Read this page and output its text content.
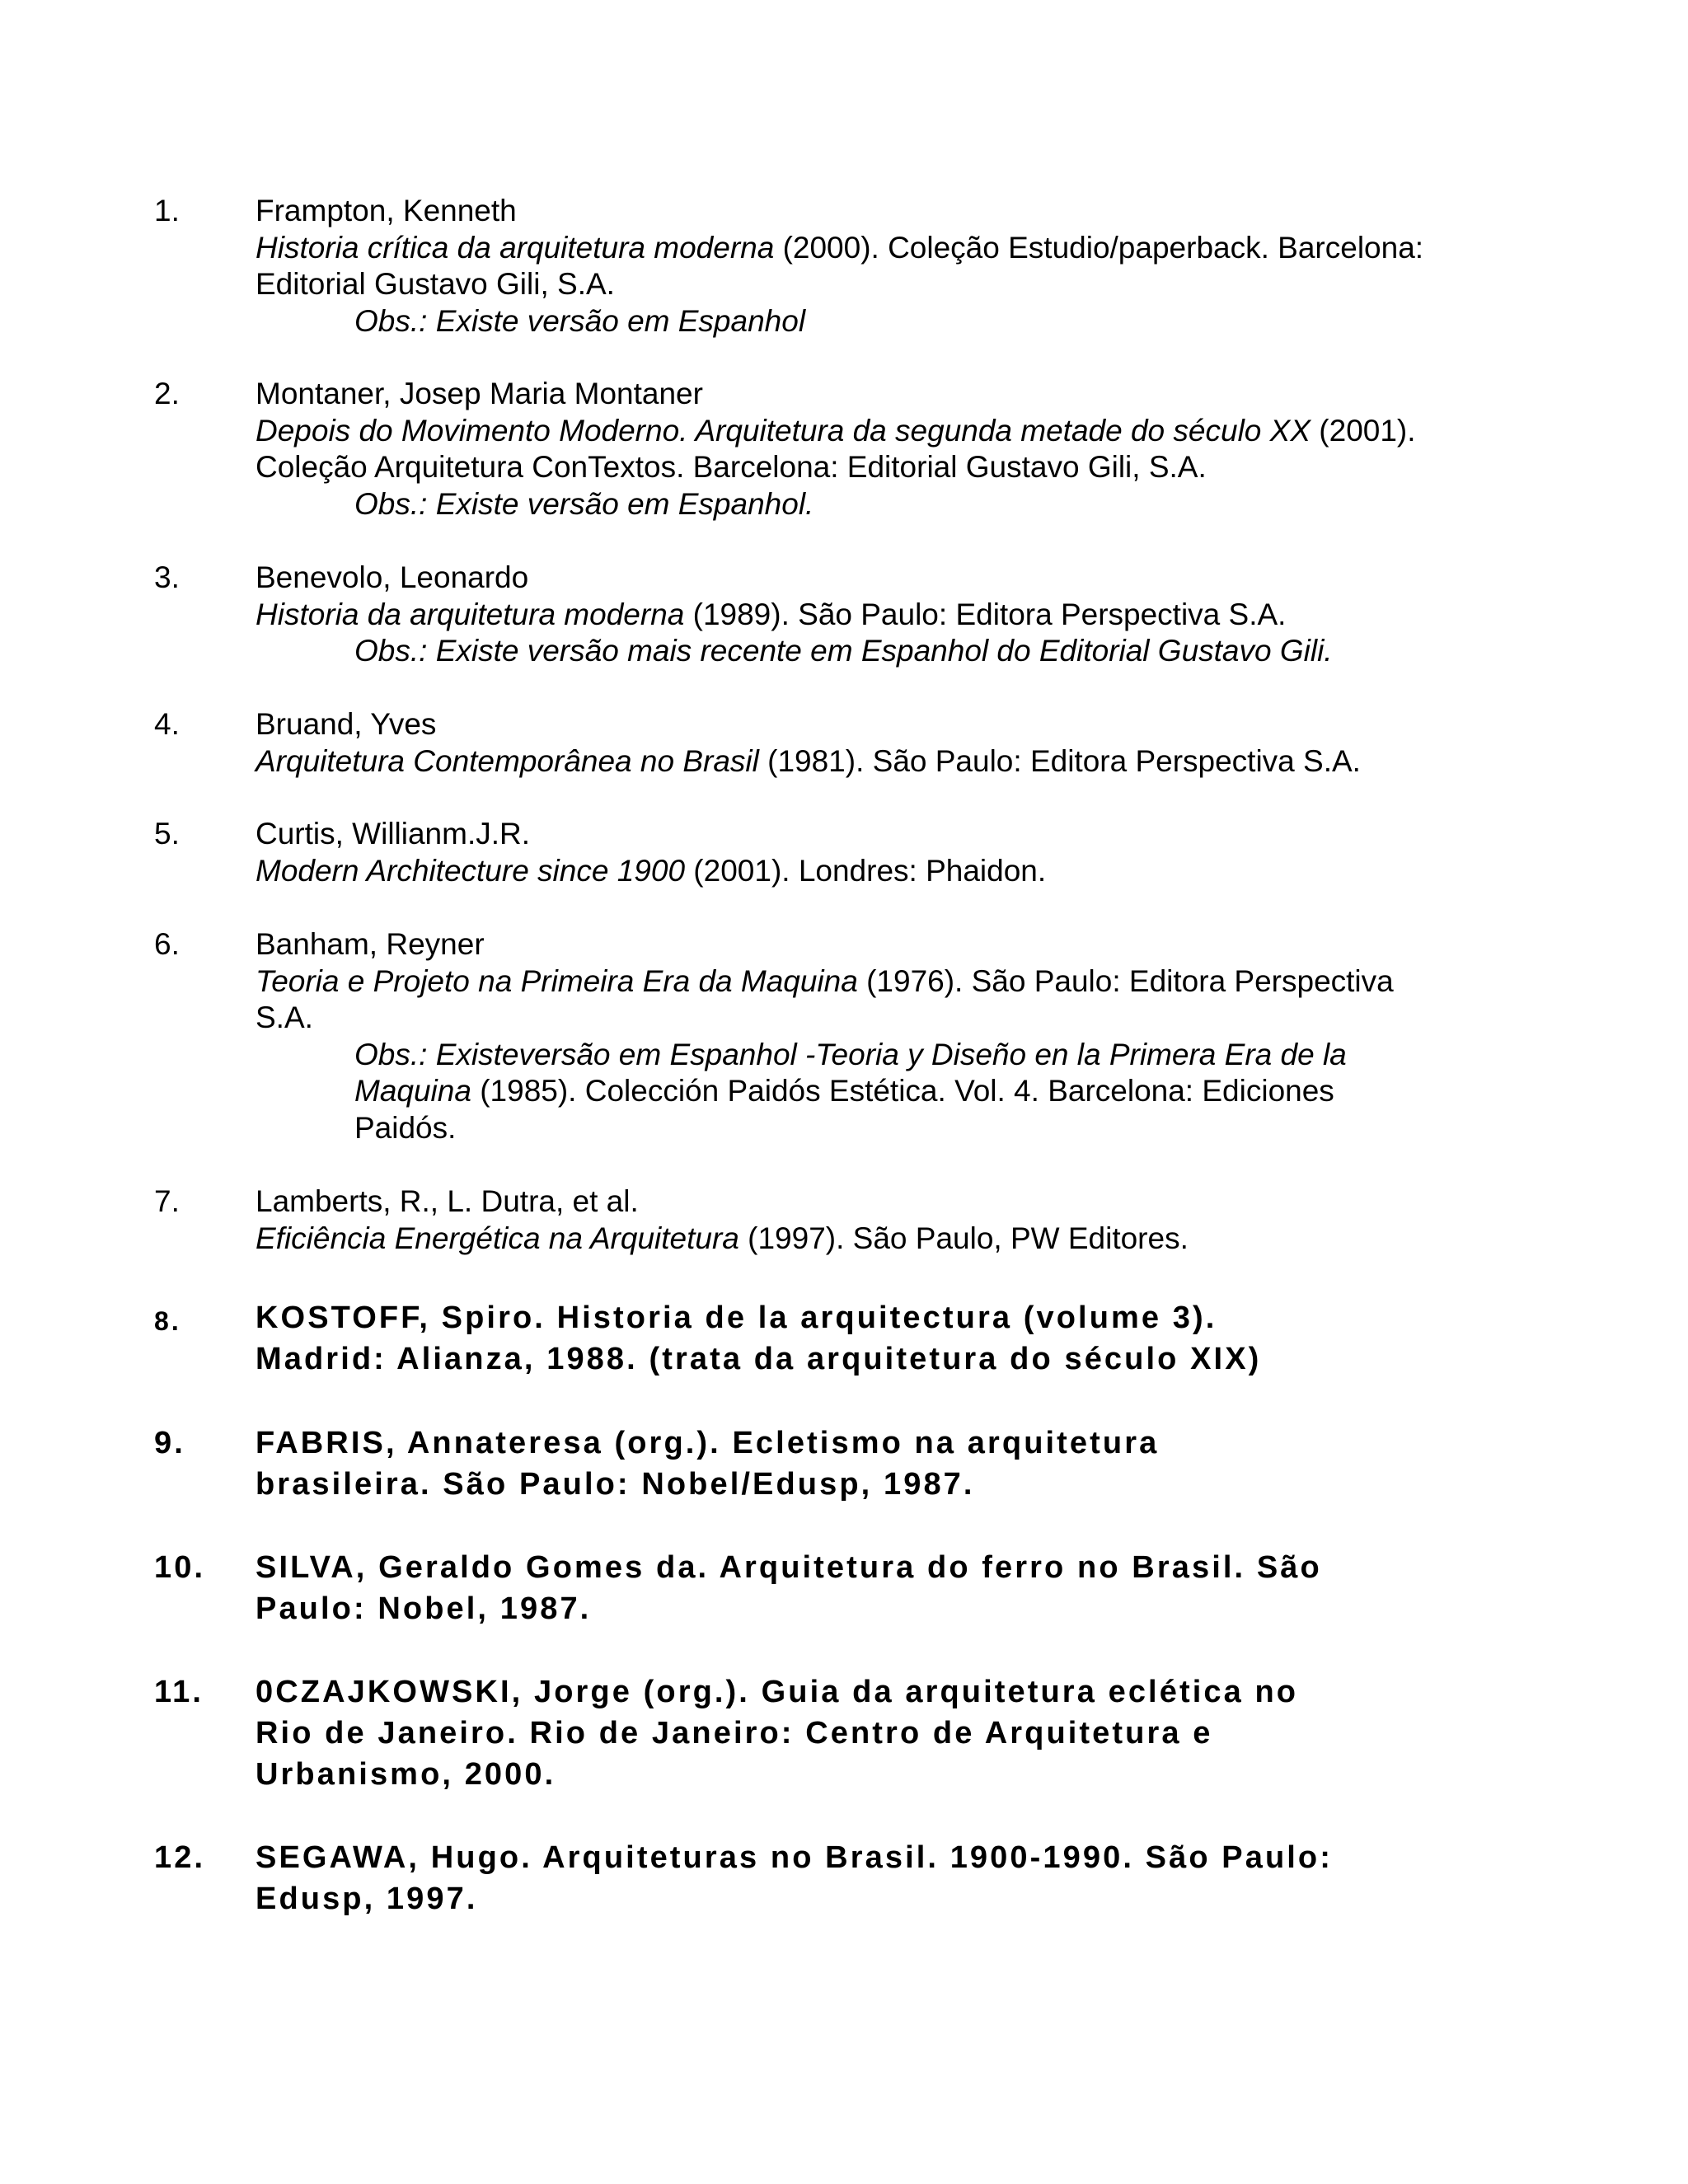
1. Frampton, Kenneth
Historia crítica da arquitetura moderna (2000). Coleção Estudio/paperback. Barcelona:
Editorial Gustavo Gili, S.A.
Obs.: Existe versão em Espanhol
2. Montaner, Josep Maria Montaner
Depois do Movimento Moderno. Arquitetura da segunda metade do século XX (2001).
Coleção Arquitetura ConTextos. Barcelona: Editorial Gustavo Gili, S.A.
Obs.: Existe versão em Espanhol.
3. Benevolo, Leonardo
Historia da arquitetura moderna (1989). São Paulo: Editora Perspectiva S.A.
Obs.: Existe versão mais recente em Espanhol do Editorial Gustavo Gili.
4. Bruand, Yves
Arquitetura Contemporânea no Brasil (1981). São Paulo: Editora Perspectiva S.A.
5. Curtis, Willianm.J.R.
Modern Architecture since 1900 (2001). Londres: Phaidon.
6. Banham, Reyner
Teoria e Projeto na Primeira Era da Maquina (1976). São Paulo: Editora Perspectiva
S.A.
Obs.: Existeversão em Espanhol -Teoria y Diseño en la Primera Era de la
Maquina (1985). Colección Paidós Estética. Vol. 4. Barcelona: Ediciones
Paidós.
7. Lamberts, R., L. Dutra, et al.
Eficiência Energética na Arquitetura (1997). São Paulo, PW Editores.
8. KOSTOFF, Spiro. Historia de la arquitectura (volume 3).
Madrid: Alianza, 1988. (trata da arquitetura do século XIX)
9. FABRIS, Annateresa (org.). Ecletismo na arquitetura
brasileira. São Paulo: Nobel/Edusp, 1987.
10. SILVA, Geraldo Gomes da. Arquitetura do ferro no Brasil. São
Paulo: Nobel, 1987.
11. 0CZAJKOWSKI, Jorge (org.). Guia da arquitetura eclética no
Rio de Janeiro. Rio de Janeiro: Centro de Arquitetura e
Urbanismo, 2000.
12. SEGAWA, Hugo. Arquiteturas no Brasil. 1900-1990. São Paulo:
Edusp, 1997.
